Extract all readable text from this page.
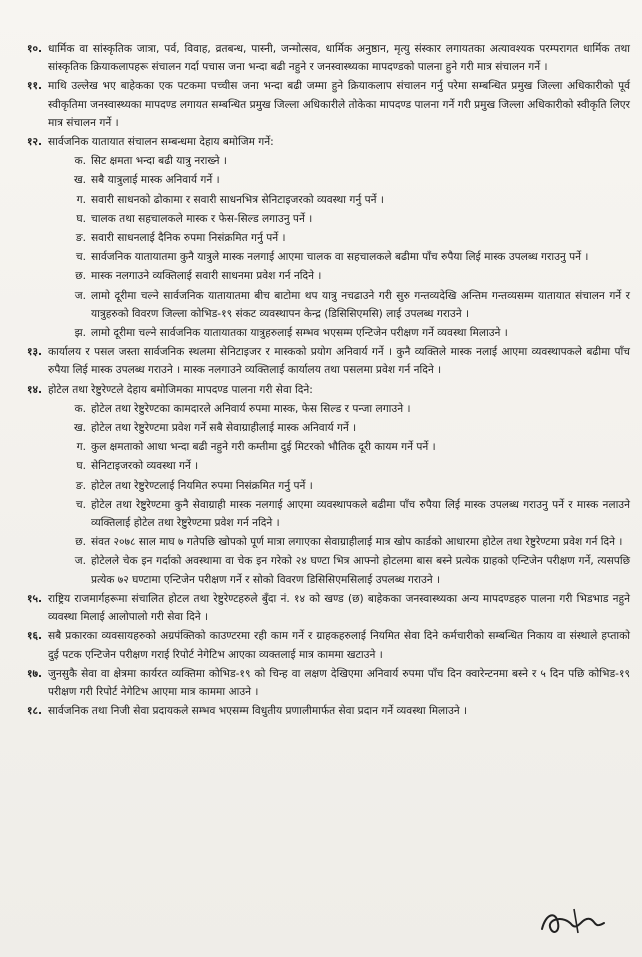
१०. धार्मिक वा सांस्कृतिक जात्रा, पर्व, विवाह, व्रतबन्ध, पास्नी, जन्मोत्सव, धार्मिक अनुष्ठान, मृत्यु संस्कार लगायतका अत्यावश्यक परम्परागत धार्मिक तथा सांस्कृतिक क्रियाकलापहरू संचालन गर्दा पचास जना भन्दा बढी नहुने र जनस्वास्थ्यका मापदण्डको पालना हुने गरी मात्र संचालन गर्ने ।
११. माथि उल्लेख भए बाहेकका एक पटकमा पच्चीस जना भन्दा बढी जम्मा हुने क्रियाकलाप संचालन गर्नु परेमा सम्बन्धित प्रमुख जिल्ला अधिकारीको पूर्व स्वीकृतिमा जनस्वास्थ्यका मापदण्ड लगायत सम्बन्धित प्रमुख जिल्ला अधिकारीले तोकेका मापदण्ड पालना गर्ने गरी प्रमुख जिल्ला अधिकारीको स्वीकृति लिएर मात्र संचालन गर्ने ।
१२. सार्वजनिक यातायात संचालन सम्बन्धमा देहाय बमोजिम गर्ने:
क. सिट क्षमता भन्दा बढी यात्रु नराख्ने ।
ख. सबै यात्रुलाई मास्क अनिवार्य गर्ने ।
ग. सवारी साधनको ढोकामा र सवारी साधनभित्र सेनिटाइजरको व्यवस्था गर्नु पर्ने ।
घ. चालक तथा सहचालकले मास्क र फेस-सिल्ड लगाउनु पर्ने ।
ङ. सवारी साधनलाई दैनिक रुपमा निसंक्रमित गर्नु पर्ने ।
च. सार्वजनिक यातायातमा कुनै यात्रुले मास्क नलगाई आएमा चालक वा सहचालकले बढीमा पाँच रुपैया लिई मास्क उपलब्ध गराउनु पर्ने ।
छ. मास्क नलगाउने व्यक्तिलाई सवारी साधनमा प्रवेश गर्न नदिने ।
ज. लामो दूरीमा चल्ने सार्वजनिक यातायातमा बीच बाटोमा थप यात्रु नचढाउने गरी सुरु गन्तव्यदेखि अन्तिम गन्तव्यसम्म यातायात संचालन गर्ने र यात्रुहरुको विवरण जिल्ला कोभिड-१९ संकट व्यवस्थापन केन्द्र (डिसिसिएमसि) लाई उपलब्ध गराउने ।
झ. लामो दूरीमा चल्ने सार्वजनिक यातायातका यात्रुहरुलाई सम्भव भएसम्म एन्टिजेन परीक्षण गर्ने व्यवस्था मिलाउने ।
१३. कार्यालय र पसल जस्ता सार्वजनिक स्थलमा सेनिटाइजर र मास्कको प्रयोग अनिवार्य गर्ने । कुनै व्यक्तिले मास्क नलाई आएमा व्यवस्थापकले बढीमा पाँच रुपैया लिई मास्क उपलब्ध गराउने । मास्क नलगाउने व्यक्तिलाई कार्यालय तथा पसलमा प्रवेश गर्न नदिने ।
१४. होटेल तथा रेष्टुरेण्टले देहाय बमोजिमका मापदण्ड पालना गरी सेवा दिने:
क. होटेल तथा रेष्टुरेण्टका कामदारले अनिवार्य रुपमा मास्क, फेस सिल्ड र पन्जा लगाउने ।
ख. होटेल तथा रेष्टुरेण्टमा प्रवेश गर्ने सबै सेवाग्राहीलाई मास्क अनिवार्य गर्ने ।
ग. कुल क्षमताको आधा भन्दा बढी नहुने गरी कम्तीमा दुई मिटरको भौतिक दूरी कायम गर्ने पर्ने ।
घ. सेनिटाइजरको व्यवस्था गर्ने ।
ङ. होटेल तथा रेष्टुरेण्टलाई नियमित रुपमा निसंक्रमित गर्नु पर्ने ।
च. होटेल तथा रेष्टुरेण्टमा कुनै सेवाग्राही मास्क नलगाई आएमा व्यवस्थापकले बढीमा पाँच रुपैया लिई मास्क उपलब्ध गराउनु पर्ने र मास्क नलाउने व्यक्तिलाई होटेल तथा रेष्टुरेण्टमा प्रवेश गर्न नदिने ।
छ. संवत २०७८ साल माघ ७ गतेपछि खोपको पूर्ण मात्रा लगाएका सेवाग्राहीलाई मात्र खोप कार्डको आधारमा होटेल तथा रेष्टुरेण्टमा प्रवेश गर्न दिने ।
ज. होटेलले चेक इन गर्दाको अवस्थामा वा चेक इन गरेको २४ घण्टा भित्र आफ्नो होटलमा बास बस्ने प्रत्येक ग्राहको एन्टिजेन परीक्षण गर्ने, त्यसपछि प्रत्येक ७२ घण्टामा एन्टिजेन परीक्षण गर्ने र सोको विवरण डिसिसिएमसिलाई उपलब्ध गराउने ।
१५. राष्ट्रिय राजमार्गहरूमा संचालित होटल तथा रेष्टुरेण्टहरुले बुँदा नं. १४ को खण्ड (छ) बाहेकका जनस्वास्थ्यका अन्य मापदण्डहरु पालना गरी भिडभाड नहुने व्यवस्था मिलाई आलोपालो गरी सेवा दिने ।
१६. सबै प्रकारका व्यवसायहरुको अग्रपंक्तिको काउण्टरमा रही काम गर्ने र ग्राहकहरुलाई नियमित सेवा दिने कर्मचारीको सम्बन्धित निकाय वा संस्थाले हप्ताको दुई पटक एन्टिजेन परीक्षण गराई रिपोर्ट नेगेटिभ आएका व्यक्तलाई मात्र काममा खटाउने ।
१७. जुनसुकै सेवा वा क्षेत्रमा कार्यरत व्यक्तिमा कोभिड-१९ को चिन्ह वा लक्षण देखिएमा अनिवार्य रुपमा पाँच दिन क्वारेन्टनमा बस्ने र ५ दिन पछि कोभिड-१९ परीक्षण गरी रिपोर्ट नेगेटिभ आएमा मात्र काममा आउने ।
१८. सार्वजनिक तथा निजी सेवा प्रदायकले सम्भव भएसम्म विधुतीय प्रणालीमार्फत सेवा प्रदान गर्ने व्यवस्था मिलाउने ।
